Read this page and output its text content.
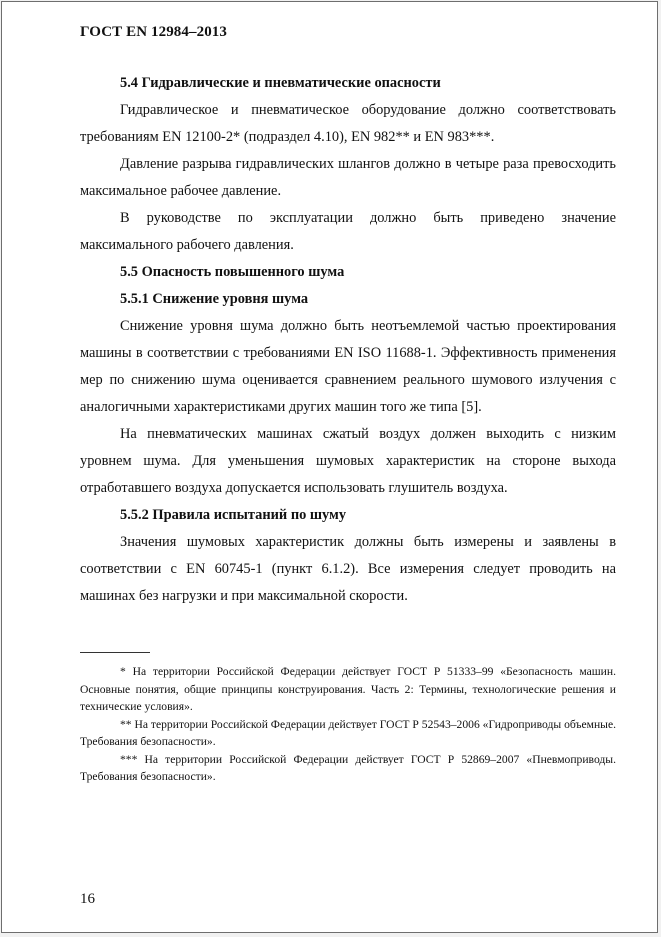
ГОСТ EN 12984–2013

5.4 Гидравлические и пневматические опасности

Гидравлическое и пневматическое оборудование должно соответствовать требованиям EN 12100-2* (подраздел 4.10), EN 982** и EN 983***.

Давление разрыва гидравлических шлангов должно в четыре раза превосходить максимальное рабочее давление.

В руководстве по эксплуатации должно быть приведено значение максимального рабочего давления.

5.5 Опасность повышенного шума

5.5.1 Снижение уровня шума

Снижение уровня шума должно быть неотъемлемой частью проектирования машины в соответствии с требованиями EN ISO 11688-1. Эффективность применения мер по снижению шума оценивается сравнением реального шумового излучения с аналогичными характеристиками других машин того же типа [5].

На пневматических машинах сжатый воздух должен выходить с низким уровнем шума. Для уменьшения шумовых характеристик на стороне выхода отработавшего воздуха допускается использовать глушитель воздуха.

5.5.2 Правила испытаний по шуму

Значения шумовых характеристик должны быть измерены и заявлены в соответствии с EN 60745-1 (пункт 6.1.2). Все измерения следует проводить на машинах без нагрузки и при максимальной скорости.

* На территории Российской Федерации действует ГОСТ Р 51333–99 «Безопасность машин. Основные понятия, общие принципы конструирования. Часть 2: Термины, технологические решения и технические условия».

** На территории Российской Федерации действует ГОСТ Р 52543–2006 «Гидроприводы объемные. Требования безопасности».

*** На территории Российской Федерации действует ГОСТ Р 52869–2007 «Пневмоприводы. Требования безопасности».

16
